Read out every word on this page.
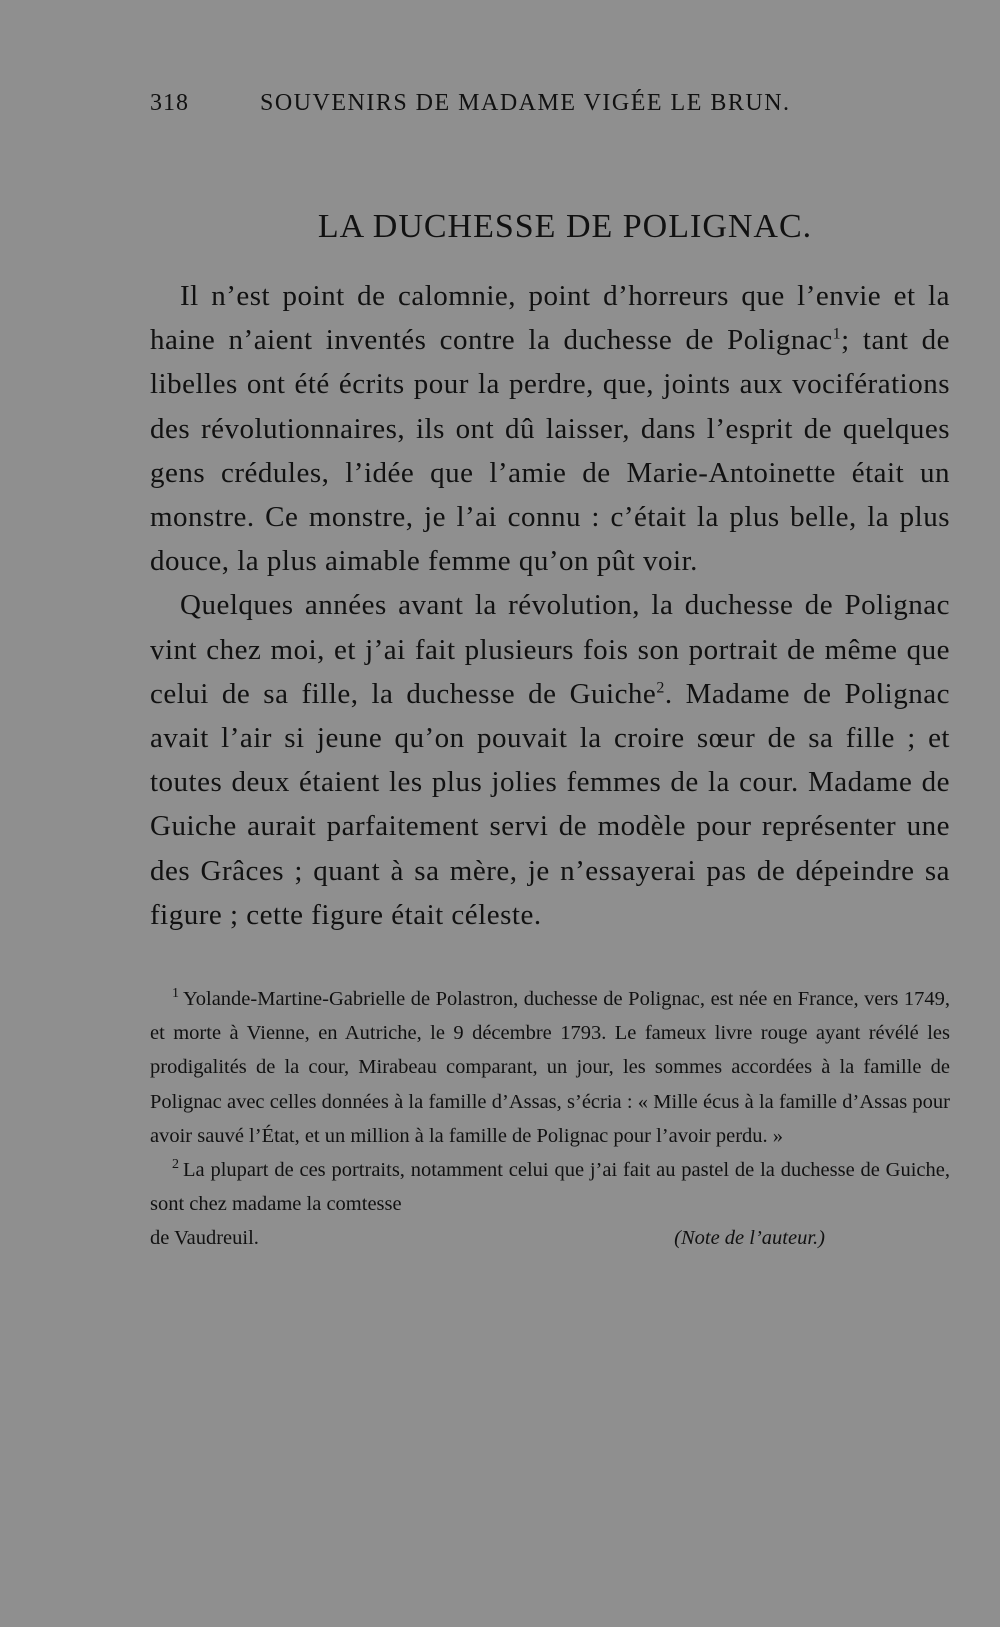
318	SOUVENIRS DE MADAME VIGÉE LE BRUN.
LA DUCHESSE DE POLIGNAC.

Il n’est point de calomnie, point d’horreurs que l’envie et la haine n’aient inventés contre la duchesse de Polignac$^1$; tant de libelles ont été écrits pour la perdre, que, joints aux vociférations des révolutionnaires, ils ont dû laisser, dans l’esprit de quelques gens crédules, l’idée que l’amie de Marie-Antoinette était un monstre. Ce monstre, je l’ai connu : c’était la plus belle, la plus douce, la plus aimable femme qu’on pût voir.

Quelques années avant la révolution, la duchesse de Polignac vint chez moi, et j’ai fait plusieurs fois son portrait de même que celui de sa fille, la duchesse de Guiche$^2$. Madame de Polignac avait l’air si jeune qu’on pouvait la croire sœur de sa fille ; et toutes deux étaient les plus jolies femmes de la cour. Madame de Guiche aurait parfaitement servi de modèle pour représenter une des Grâces ; quant à sa mère, je n’essayerai pas de dépeindre sa figure ; cette figure était céleste.

$^1$ Yolande-Martine-Gabrielle de Polastron, duchesse de Polignac, est née en France, vers 1749, et morte à Vienne, en Autriche, le 9 décembre 1793. Le fameux livre rouge ayant révélé les prodigalités de la cour, Mirabeau comparant, un jour, les sommes accordées à la famille de Polignac avec celles données à la famille d’Assas, s’écria : « Mille écus à la famille d’Assas pour avoir sauvé l’État, et un million à la famille de Polignac pour l’avoir perdu. »

$^2$ La plupart de ces portraits, notamment celui que j’ai fait au pastel de la duchesse de Guiche, sont chez madame la comtesse

de Vaudreuil.	(Note de l’auteur.)
